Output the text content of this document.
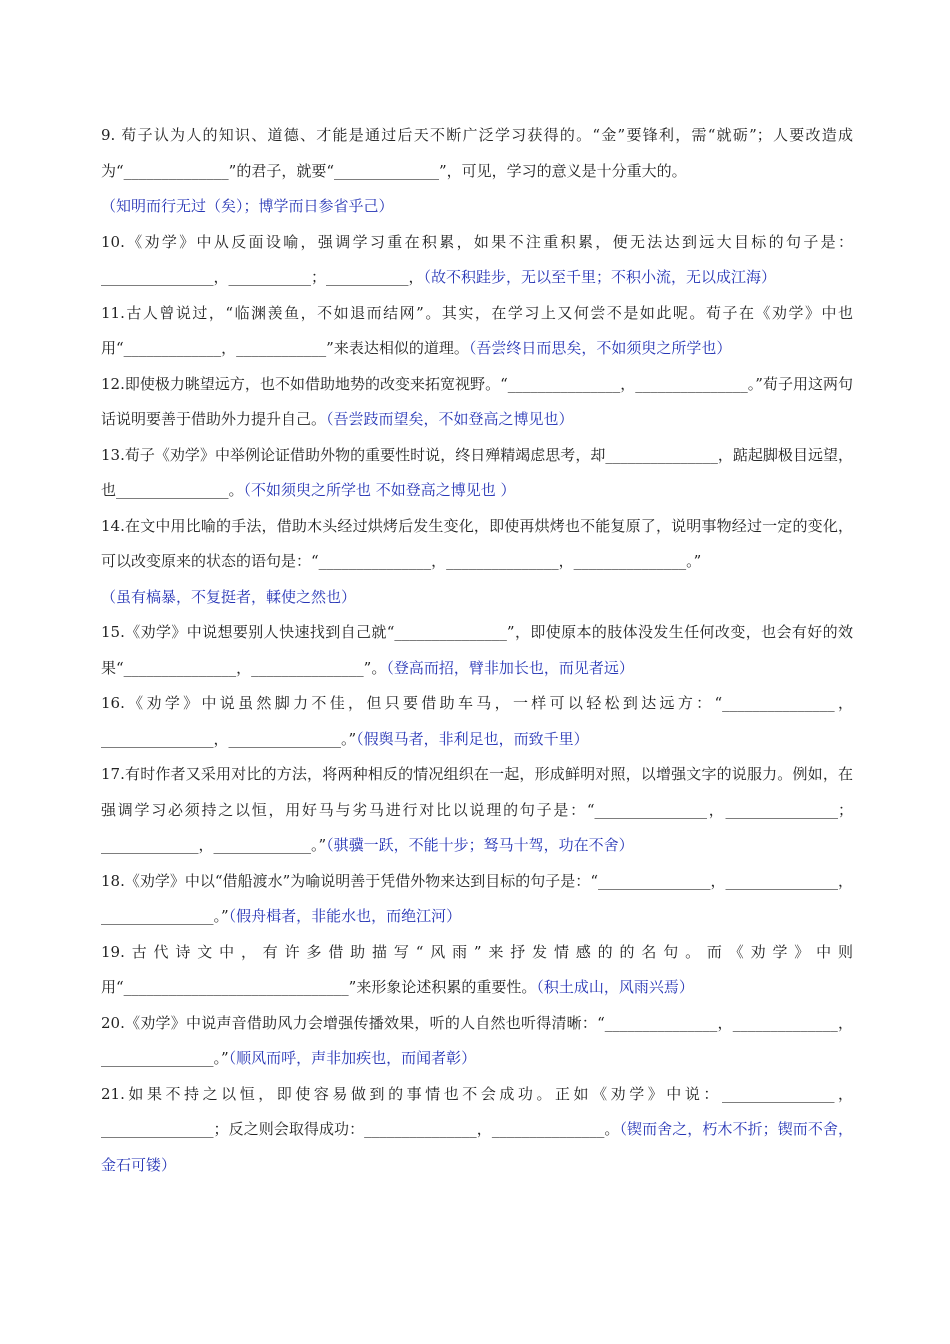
9. 荀子认为人的知识、道德、才能是通过后天不断广泛学习获得的。“金”要锋利，需“就砺”；人要改造成为“______________”的君子，就要“______________”，可见，学习的意义是十分重大的。
（知明而行无过（矣）；博学而日参省乎己）

10.《劝学》中从反面设喻，强调学习重在积累，如果不注重积累，便无法达到远大目标的句子是：_______________，___________；___________，（故不积跬步，无以至千里；不积小流，无以成江海）

11.古人曾说过，“临渊羡鱼，不如退而结网”。其实，在学习上又何尝不是如此呢。荀子在《劝学》中也用“_____________，____________”来表达相似的道理。（吾尝终日而思矣，不如须臾之所学也）

12.即使极力眺望远方，也不如借助地势的改变来拓宽视野。“_______________，_______________。”荀子用这两句话说明要善于借助外力提升自己。（吾尝跂而望矣，不如登高之博见也）

13.荀子《劝学》中举例论证借助外物的重要性时说，终日殚精竭虑思考，却_______________，踮起脚极目远望，也_______________。（不如须臾之所学也 不如登高之博见也 ）

14.在文中用比喻的手法，借助木头经过烘烤后发生变化，即使再烘烤也不能复原了，说明事物经过一定的变化，可以改变原来的状态的语句是：“_______________，_______________，_______________。”
（虽有槁暴，不复挺者，輮使之然也）

15.《劝学》中说想要别人快速找到自己就“_______________”，即使原本的肢体没发生任何改变，也会有好的效果“_______________，_______________”。（登高而招，臂非加长也，而见者远）

16.《劝学》中说虽然脚力不佳，但只要借助车马，一样可以轻松到达远方：“_______________，_______________，_______________。”（假舆马者，非利足也，而致千里）

17.有时作者又采用对比的方法，将两种相反的情况组织在一起，形成鲜明对照，以增强文字的说服力。例如，在强调学习必须持之以恒，用好马与劣马进行对比以说理的句子是：“_______________，_______________；_____________，_____________。”（骐骥一跃，不能十步；驽马十驾，功在不舍）

18.《劝学》中以“借船渡水”为喻说明善于凭借外物来达到目标的句子是：“_______________，_______________，_______________。”（假舟楫者，非能水也，而绝江河）

19.古代诗文中，有许多借助描写“风雨”来抒发情感的的名句。而《劝学》中则用“______________________________”来形象论述积累的重要性。（积土成山，风雨兴焉）

20.《劝学》中说声音借助风力会增强传播效果，听的人自然也听得清晰：“_______________，______________，_______________。”（顺风而呼，声非加疾也，而闻者彰）

21.如果不持之以恒，即使容易做到的事情也不会成功。正如《劝学》中说：_______________，_______________；反之则会取得成功：_______________，_______________。（锲而舍之，朽木不折；锲而不舍，金石可镂）
